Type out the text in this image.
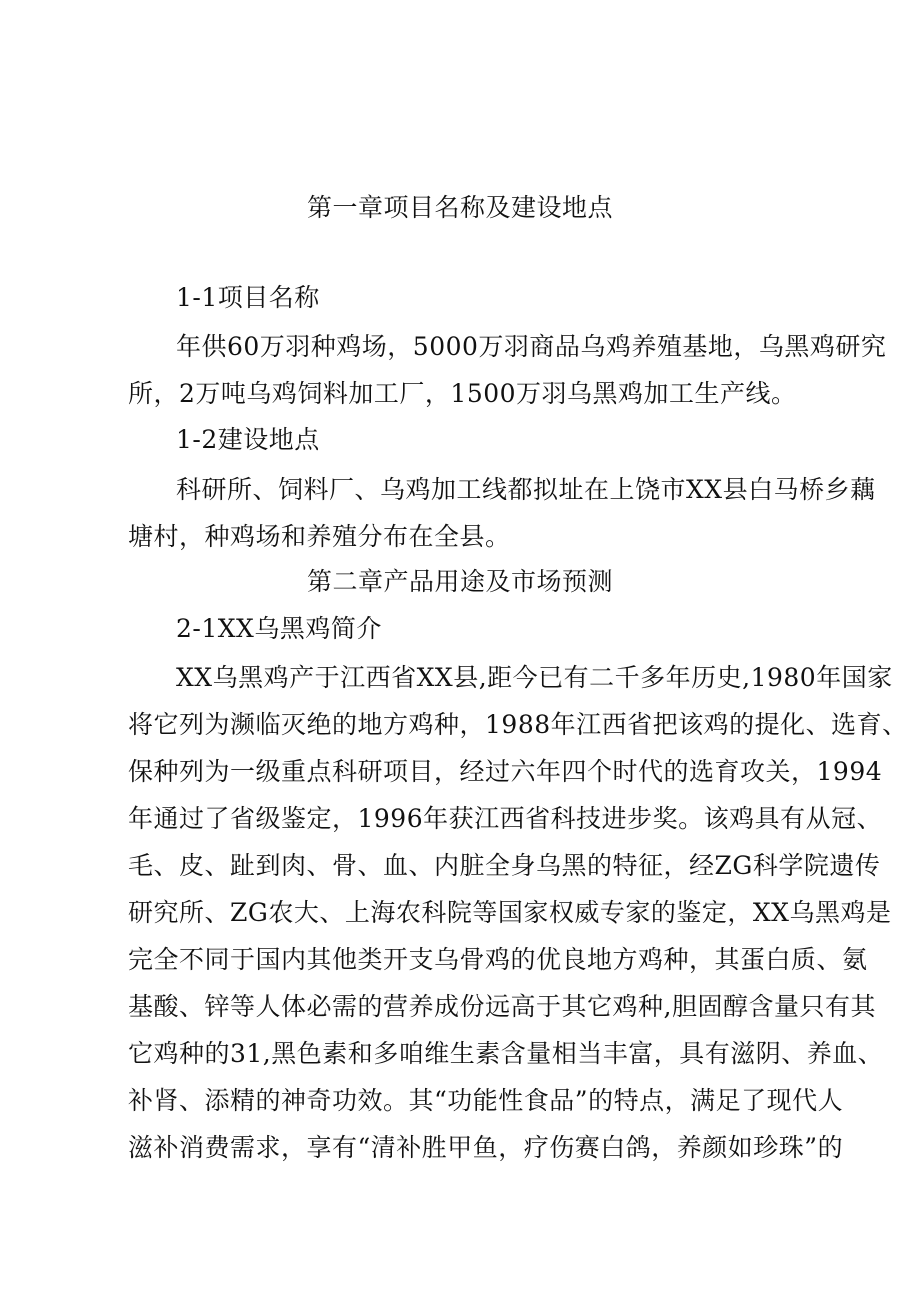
第一章项目名称及建设地点
1-1项目名称
年供60万羽种鸡场，5000万羽商品乌鸡养殖基地，乌黑鸡研究
所，2万吨乌鸡饲料加工厂，1500万羽乌黑鸡加工生产线。
1-2建设地点
科研所、饲料厂、乌鸡加工线都拟址在上饶市XX县白马桥乡藕
塘村，种鸡场和养殖分布在全县。
第二章产品用途及市场预测
2-1XX乌黑鸡简介
XX乌黑鸡产于江西省XX县,距今已有二千多年历史,1980年国家
将它列为濒临灭绝的地方鸡种，1988年江西省把该鸡的提化、选育、
保种列为一级重点科研项目，经过六年四个时代的选育攻关，1994
年通过了省级鉴定，1996年获江西省科技进步奖。该鸡具有从冠、
毛、皮、趾到肉、骨、血、内脏全身乌黑的特征，经ZG科学院遗传
研究所、ZG农大、上海农科院等国家权威专家的鉴定，XX乌黑鸡是
完全不同于国内其他类开支乌骨鸡的优良地方鸡种，其蛋白质、氨
基酸、锌等人体必需的营养成份远高于其它鸡种,胆固醇含量只有其
它鸡种的31,黑色素和多咱维生素含量相当丰富，具有滋阴、养血、
补肾、添精的神奇功效。其“功能性食品”的特点，满足了现代人
滋补消费需求，享有“清补胜甲鱼，疗伤赛白鸽，养颜如珍珠”的
